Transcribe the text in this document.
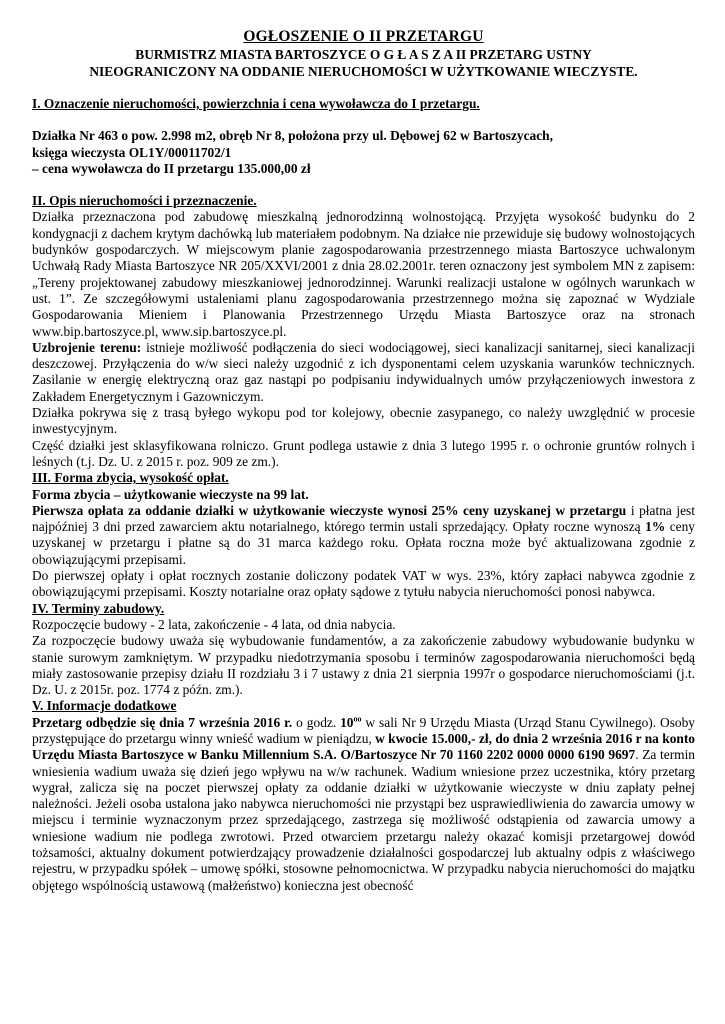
OGŁOSZENIE O II PRZETARGU

BURMISTRZ MIASTA BARTOSZYCE O G Ł A S Z A II PRZETARG USTNY

NIEOGRANICZONY NA ODDANIE NIERUCHOMOŚCI W UŻYTKOWANIE WIECZYSTE.

I. Oznaczenie nieruchomości, powierzchnia i cena wywoławcza do I przetargu.

Działka Nr 463 o pow. 2.998 m2, obręb Nr 8, położona przy ul. Dębowej 62 w Bartoszycach,

księga wieczysta OL1Y/00011702/1

– cena wywoławcza do II przetargu 135.000,00 zł

II. Opis nieruchomości i przeznaczenie.

Działka przeznaczona pod zabudowę mieszkalną jednorodzinną wolnostojącą. Przyjęta wysokość budynku do 2 kondygnacji z dachem krytym dachówką lub materiałem podobnym. Na działce nie przewiduje się budowy wolnostojących budynków gospodarczych. W miejscowym planie zagospodarowania przestrzennego miasta Bartoszyce uchwalonym Uchwałą Rady Miasta Bartoszyce NR 205/XXVI/2001 z dnia 28.02.2001r. teren oznaczony jest symbolem MN z zapisem: „Tereny projektowanej zabudowy mieszkaniowej jednorodzinnej. Warunki realizacji ustalone w ogólnych warunkach w ust. 1”. Ze szczegółowymi ustaleniami planu zagospodarowania przestrzennego można się zapoznać w Wydziale Gospodarowania Mieniem i Planowania Przestrzennego Urzędu Miasta Bartoszyce oraz na stronach www.bip.bartoszyce.pl, www.sip.bartoszyce.pl.

Uzbrojenie terenu: istnieje możliwość podłączenia do sieci wodociągowej, sieci kanalizacji sanitarnej, sieci kanalizacji deszczowej. Przyłączenia do w/w sieci należy uzgodnić z ich dysponentami celem uzyskania warunków technicznych. Zasilanie w energię elektryczną oraz gaz nastąpi po podpisaniu indywidualnych umów przyłączeniowych inwestora z Zakładem Energetycznym i Gazowniczym.

Działka pokrywa się z trasą byłego wykopu pod tor kolejowy, obecnie zasypanego, co należy uwzględnić w procesie inwestycyjnym.

Część działki jest sklasyfikowana rolniczo. Grunt podlega ustawie z dnia 3 lutego 1995 r. o ochronie gruntów rolnych i leśnych (t.j. Dz. U. z 2015 r. poz. 909 ze zm.).

III. Forma zbycia, wysokość opłat.

Forma zbycia – użytkowanie wieczyste na 99 lat.

Pierwsza opłata za oddanie działki w użytkowanie wieczyste wynosi 25% ceny uzyskanej w przetargu i płatna jest najpóźniej 3 dni przed zawarciem aktu notarialnego, którego termin ustali sprzedający. Opłaty roczne wynoszą 1% ceny uzyskanej w przetargu i płatne są do 31 marca każdego roku. Opłata roczna może być aktualizowana zgodnie z obowiązującymi przepisami.

Do pierwszej opłaty i opłat rocznych zostanie doliczony podatek VAT w wys. 23%, który zapłaci nabywca zgodnie z obowiązującymi przepisami. Koszty notarialne oraz opłaty sądowe z tytułu nabycia nieruchomości ponosi nabywca.

IV. Terminy zabudowy.

Rozpoczęcie budowy - 2 lata, zakończenie - 4 lata, od dnia nabycia.

Za rozpoczęcie budowy uważa się wybudowanie fundamentów, a za zakończenie zabudowy wybudowanie budynku w stanie surowym zamkniętym. W przypadku niedotrzymania sposobu i terminów zagospodarowania nieruchomości będą miały zastosowanie przepisy działu II rozdziału 3 i 7 ustawy z dnia 21 sierpnia 1997r o gospodarce nieruchomościami (j.t. Dz. U. z 2015r. poz. 1774 z późn. zm.).

V. Informacje dodatkowe

Przetarg odbędzie się dnia 7 września 2016 r. o godz. $10^{oo}$ w sali Nr 9 Urzędu Miasta (Urząd Stanu Cywilnego). Osoby przystępujące do przetargu winny wnieść wadium w pieniądzu, w kwocie 15.000,- zł, do dnia 2 września 2016 r na konto Urzędu Miasta Bartoszyce w Banku Millennium S.A. O/Bartoszyce Nr 70 1160 2202 0000 0000 6190 9697. Za termin wniesienia wadium uważa się dzień jego wpływu na w/w rachunek. Wadium wniesione przez uczestnika, który przetarg wygrał, zalicza się na poczet pierwszej opłaty za oddanie działki w użytkowanie wieczyste w dniu zapłaty pełnej należności. Jeżeli osoba ustalona jako nabywca nieruchomości nie przystąpi bez usprawiedliwienia do zawarcia umowy w miejscu i terminie wyznaczonym przez sprzedającego, zastrzega się możliwość odstąpienia od zawarcia umowy a wniesione wadium nie podlega zwrotowi. Przed otwarciem przetargu należy okazać komisji przetargowej dowód tożsamości, aktualny dokument potwierdzający prowadzenie działalności gospodarczej lub aktualny odpis z właściwego rejestru, w przypadku spółek – umowę spółki, stosowne pełnomocnictwa. W przypadku nabycia nieruchomości do majątku objętego wspólnością ustawową (małżeństwo) konieczna jest obecność
